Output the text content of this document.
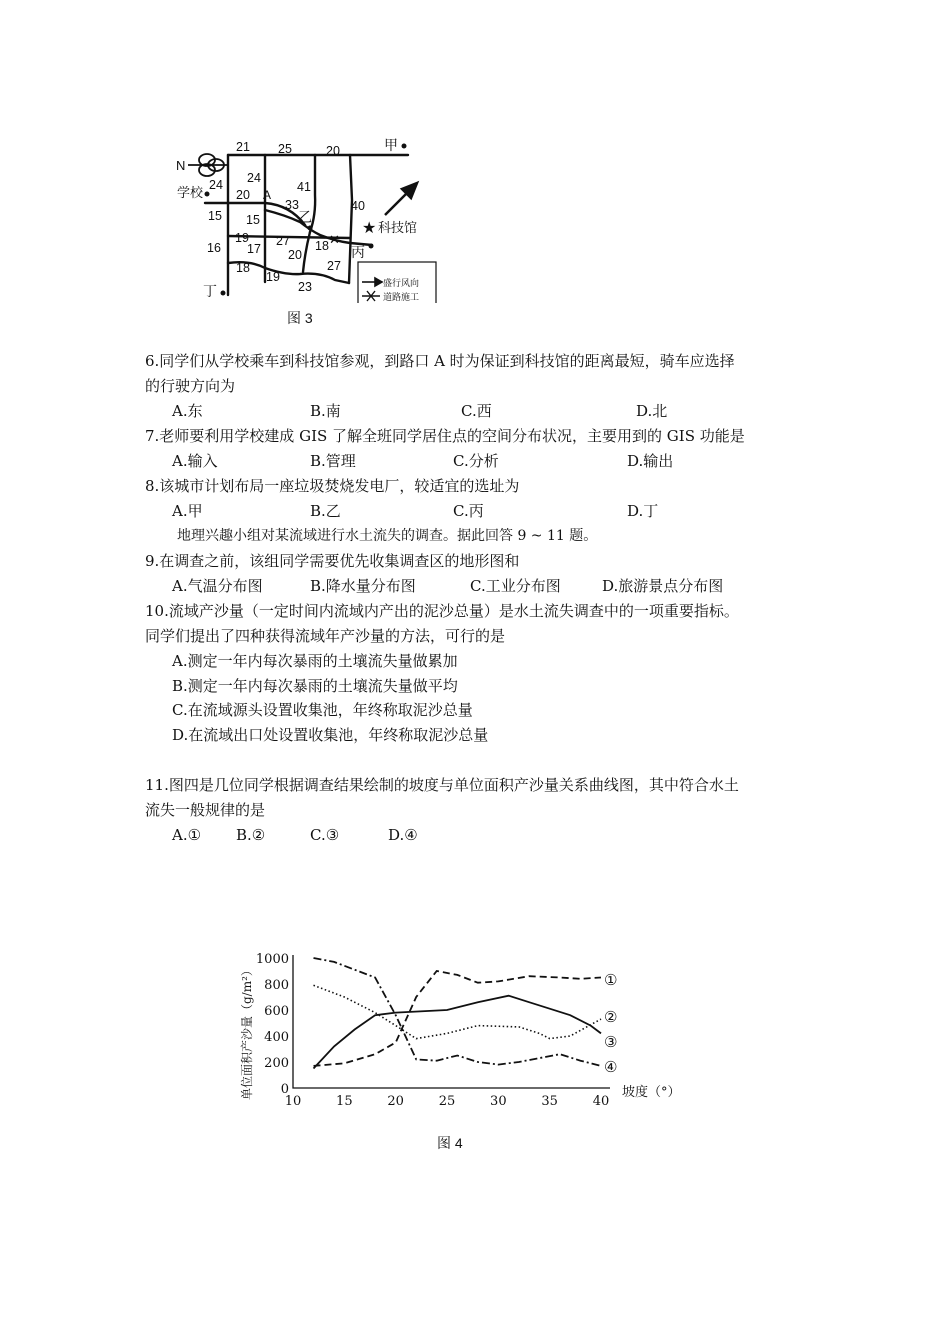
N
21 25	20
24 24
20
41
40
33
15 15
19
17
27 18
16	20
18
19
27
23
A
学校
甲
乙
丙
丁
★ 科技馆
✕
盛行风向
道路施工
图 3
6.同学们从学校乘车到科技馆参观，到路口 A 时为保证到科技馆的距离最短，骑车应选择
的行驶方向为
A.东	B.南	C.西	D.北
7.老师要利用学校建成 GIS 了解全班同学居住点的空间分布状况，主要用到的 GIS 功能是
A.输入	B.管理	C.分析	D.输出
8.该城市计划布局一座垃圾焚烧发电厂，较适宜的选址为
A.甲	B.乙	C.丙	D.丁
地理兴趣小组对某流域进行水土流失的调查。据此回答 9 ~ 11 题。
9.在调查之前，该组同学需要优先收集调查区的地形图和
A.气温分布图	B.降水量分布图	C.工业分布图	D.旅游景点分布图
10.流域产沙量（一定时间内流域内产出的泥沙总量）是水土流失调查中的一项重要指标。
同学们提出了四种获得流域年产沙量的方法，可行的是
A.测定一年内每次暴雨的土壤流失量做累加
B.测定一年内每次暴雨的土壤流失量做平均
C.在流域源头设置收集池，年终称取泥沙总量
D.在流域出口处设置收集池，年终称取泥沙总量
11.图四是几位同学根据调查结果绘制的坡度与单位面积产沙量关系曲线图，其中符合水土
流失一般规律的是
A.① B.②	C.③	D.④
10	15	20	25	30	35	40
0
200
400
600
800
1000
①
②
③
④
坡度（°）
单位面积产沙量（g/m²）
图 4
